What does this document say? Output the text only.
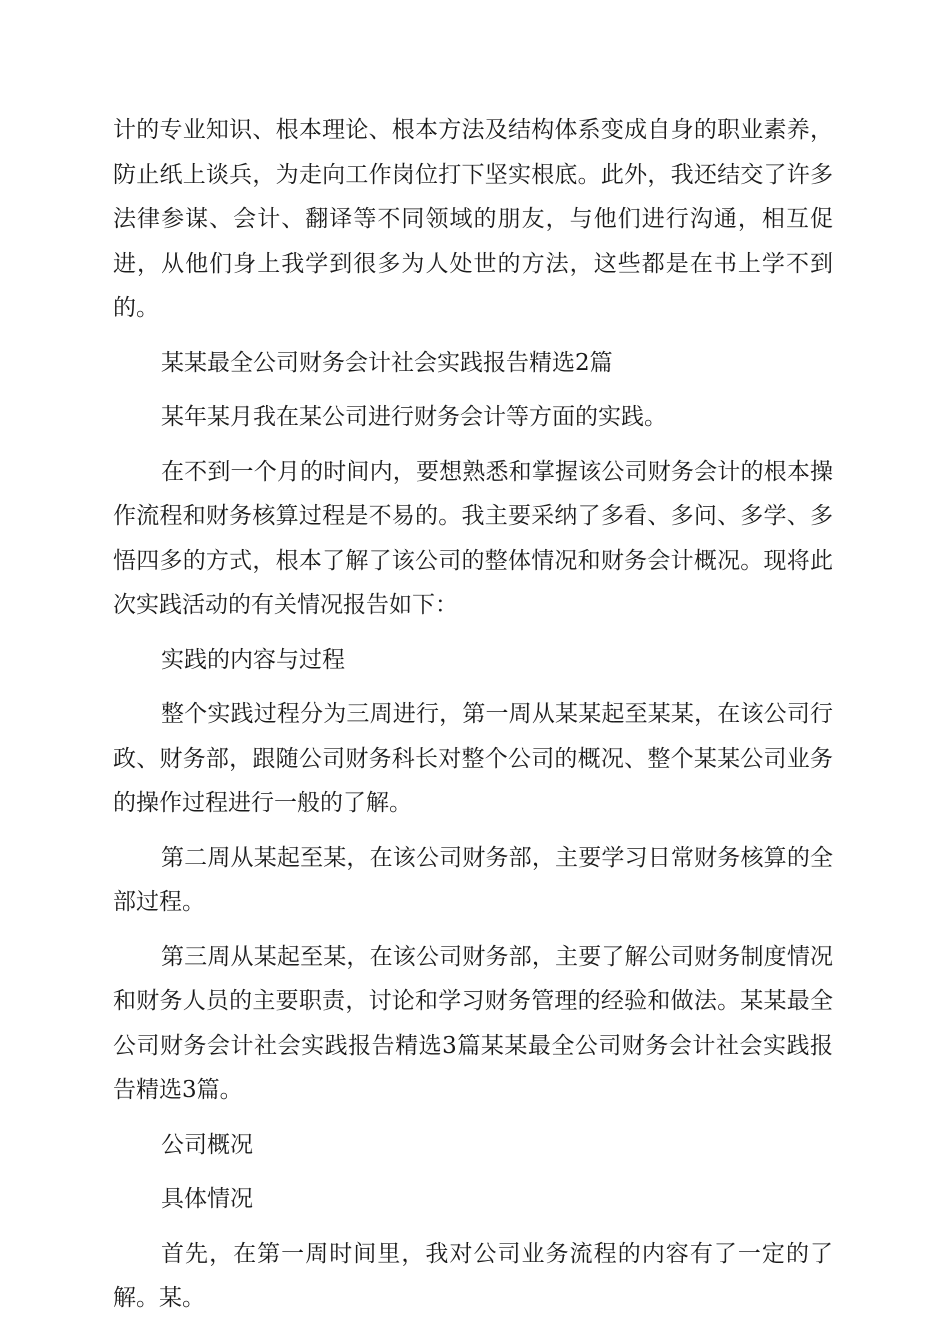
计的专业知识、根本理论、根本方法及结构体系变成自身的职业素养，防止纸上谈兵，为走向工作岗位打下坚实根底。此外，我还结交了许多法律参谋、会计、翻译等不同领域的朋友，与他们进行沟通，相互促进，从他们身上我学到很多为人处世的方法，这些都是在书上学不到的。

某某最全公司财务会计社会实践报告精选2篇

某年某月我在某公司进行财务会计等方面的实践。

在不到一个月的时间内，要想熟悉和掌握该公司财务会计的根本操作流程和财务核算过程是不易的。我主要采纳了多看、多问、多学、多悟四多的方式，根本了解了该公司的整体情况和财务会计概况。现将此次实践活动的有关情况报告如下：

实践的内容与过程

整个实践过程分为三周进行，第一周从某某起至某某，在该公司行政、财务部，跟随公司财务科长对整个公司的概况、整个某某公司业务的操作过程进行一般的了解。

第二周从某起至某，在该公司财务部，主要学习日常财务核算的全部过程。

第三周从某起至某，在该公司财务部，主要了解公司财务制度情况和财务人员的主要职责，讨论和学习财务管理的经验和做法。某某最全公司财务会计社会实践报告精选3篇某某最全公司财务会计社会实践报告精选3篇。

公司概况

具体情况

首先，在第一周时间里，我对公司业务流程的内容有了一定的了解。某。
